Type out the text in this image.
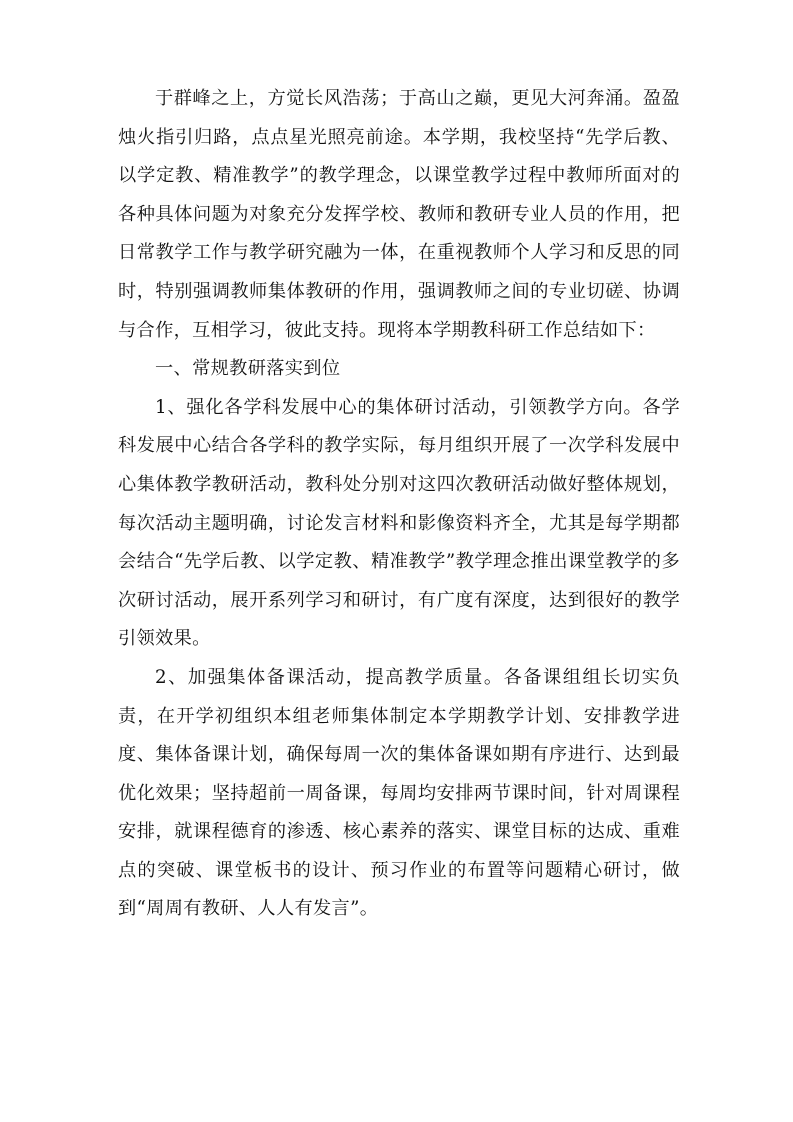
于群峰之上，方觉长风浩荡；于高山之巅，更见大河奔涌。盈盈烛火指引归路，点点星光照亮前途。本学期，我校坚持“先学后教、以学定教、精准教学”的教学理念，以课堂教学过程中教师所面对的各种具体问题为对象充分发挥学校、教师和教研专业人员的作用，把日常教学工作与教学研究融为一体，在重视教师个人学习和反思的同时，特别强调教师集体教研的作用，强调教师之间的专业切磋、协调与合作，互相学习，彼此支持。现将本学期教科研工作总结如下：

一、常规教研落实到位

1、强化各学科发展中心的集体研讨活动，引领教学方向。各学科发展中心结合各学科的教学实际，每月组织开展了一次学科发展中心集体教学教研活动，教科处分别对这四次教研活动做好整体规划，每次活动主题明确，讨论发言材料和影像资料齐全，尤其是每学期都会结合“先学后教、以学定教、精准教学”教学理念推出课堂教学的多次研讨活动，展开系列学习和研讨，有广度有深度，达到很好的教学引领效果。

2、加强集体备课活动，提高教学质量。各备课组组长切实负责，在开学初组织本组老师集体制定本学期教学计划、安排教学进度、集体备课计划，确保每周一次的集体备课如期有序进行、达到最优化效果；坚持超前一周备课，每周均安排两节课时间，针对周课程安排，就课程德育的渗透、核心素养的落实、课堂目标的达成、重难点的突破、课堂板书的设计、预习作业的布置等问题精心研讨，做到“周周有教研、人人有发言”。
